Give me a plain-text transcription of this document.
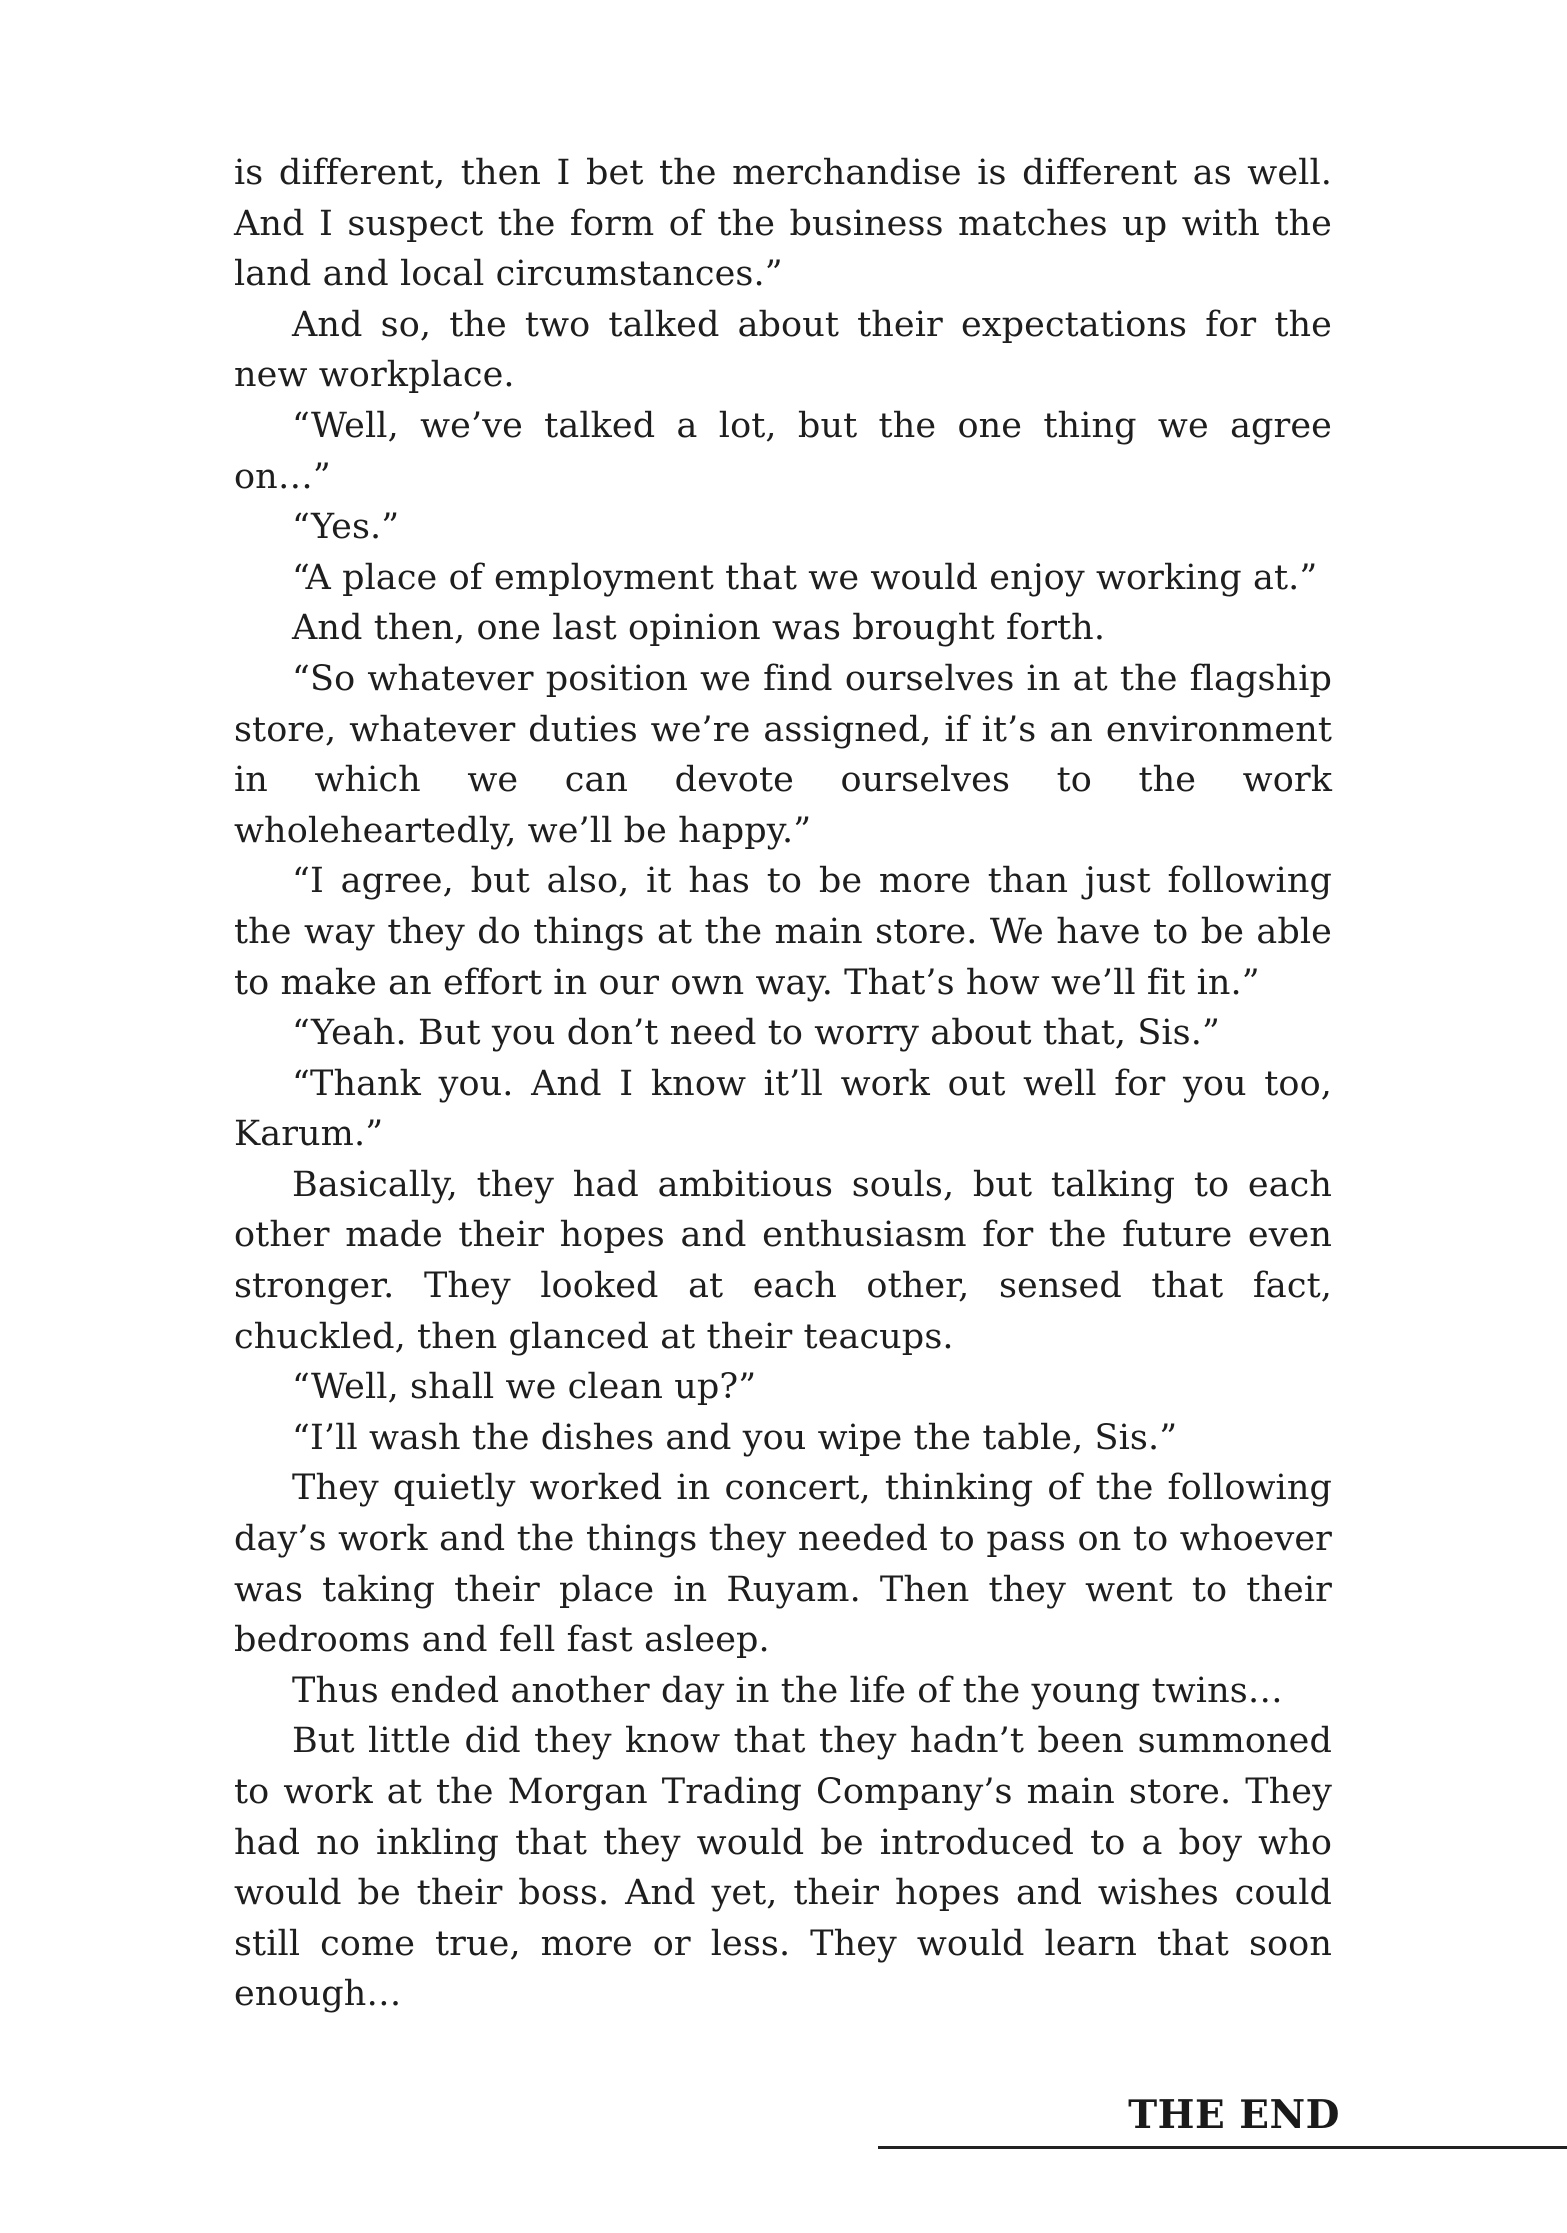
is different, then I bet the merchandise is different as well. And I suspect the form of the business matches up with the land and local circumstances.”

And so, the two talked about their expectations for the new workplace.

“Well, we’ve talked a lot, but the one thing we agree on…”

“Yes.”

“A place of employment that we would enjoy working at.”

And then, one last opinion was brought forth.

“So whatever position we find ourselves in at the flagship store, whatever duties we’re assigned, if it’s an environment in which we can devote ourselves to the work wholeheartedly, we’ll be happy.”

“I agree, but also, it has to be more than just following the way they do things at the main store. We have to be able to make an effort in our own way. That’s how we’ll fit in.”

“Yeah. But you don’t need to worry about that, Sis.”

“Thank you. And I know it’ll work out well for you too, Karum.”

Basically, they had ambitious souls, but talking to each other made their hopes and enthusiasm for the future even stronger. They looked at each other, sensed that fact, chuckled, then glanced at their teacups.

“Well, shall we clean up?”

“I’ll wash the dishes and you wipe the table, Sis.”

They quietly worked in concert, thinking of the following day’s work and the things they needed to pass on to whoever was taking their place in Ruyam. Then they went to their bedrooms and fell fast asleep.

Thus ended another day in the life of the young twins…

But little did they know that they hadn’t been summoned to work at the Morgan Trading Company’s main store. They had no inkling that they would be introduced to a boy who would be their boss. And yet, their hopes and wishes could still come true, more or less. They would learn that soon enough…

THE END
